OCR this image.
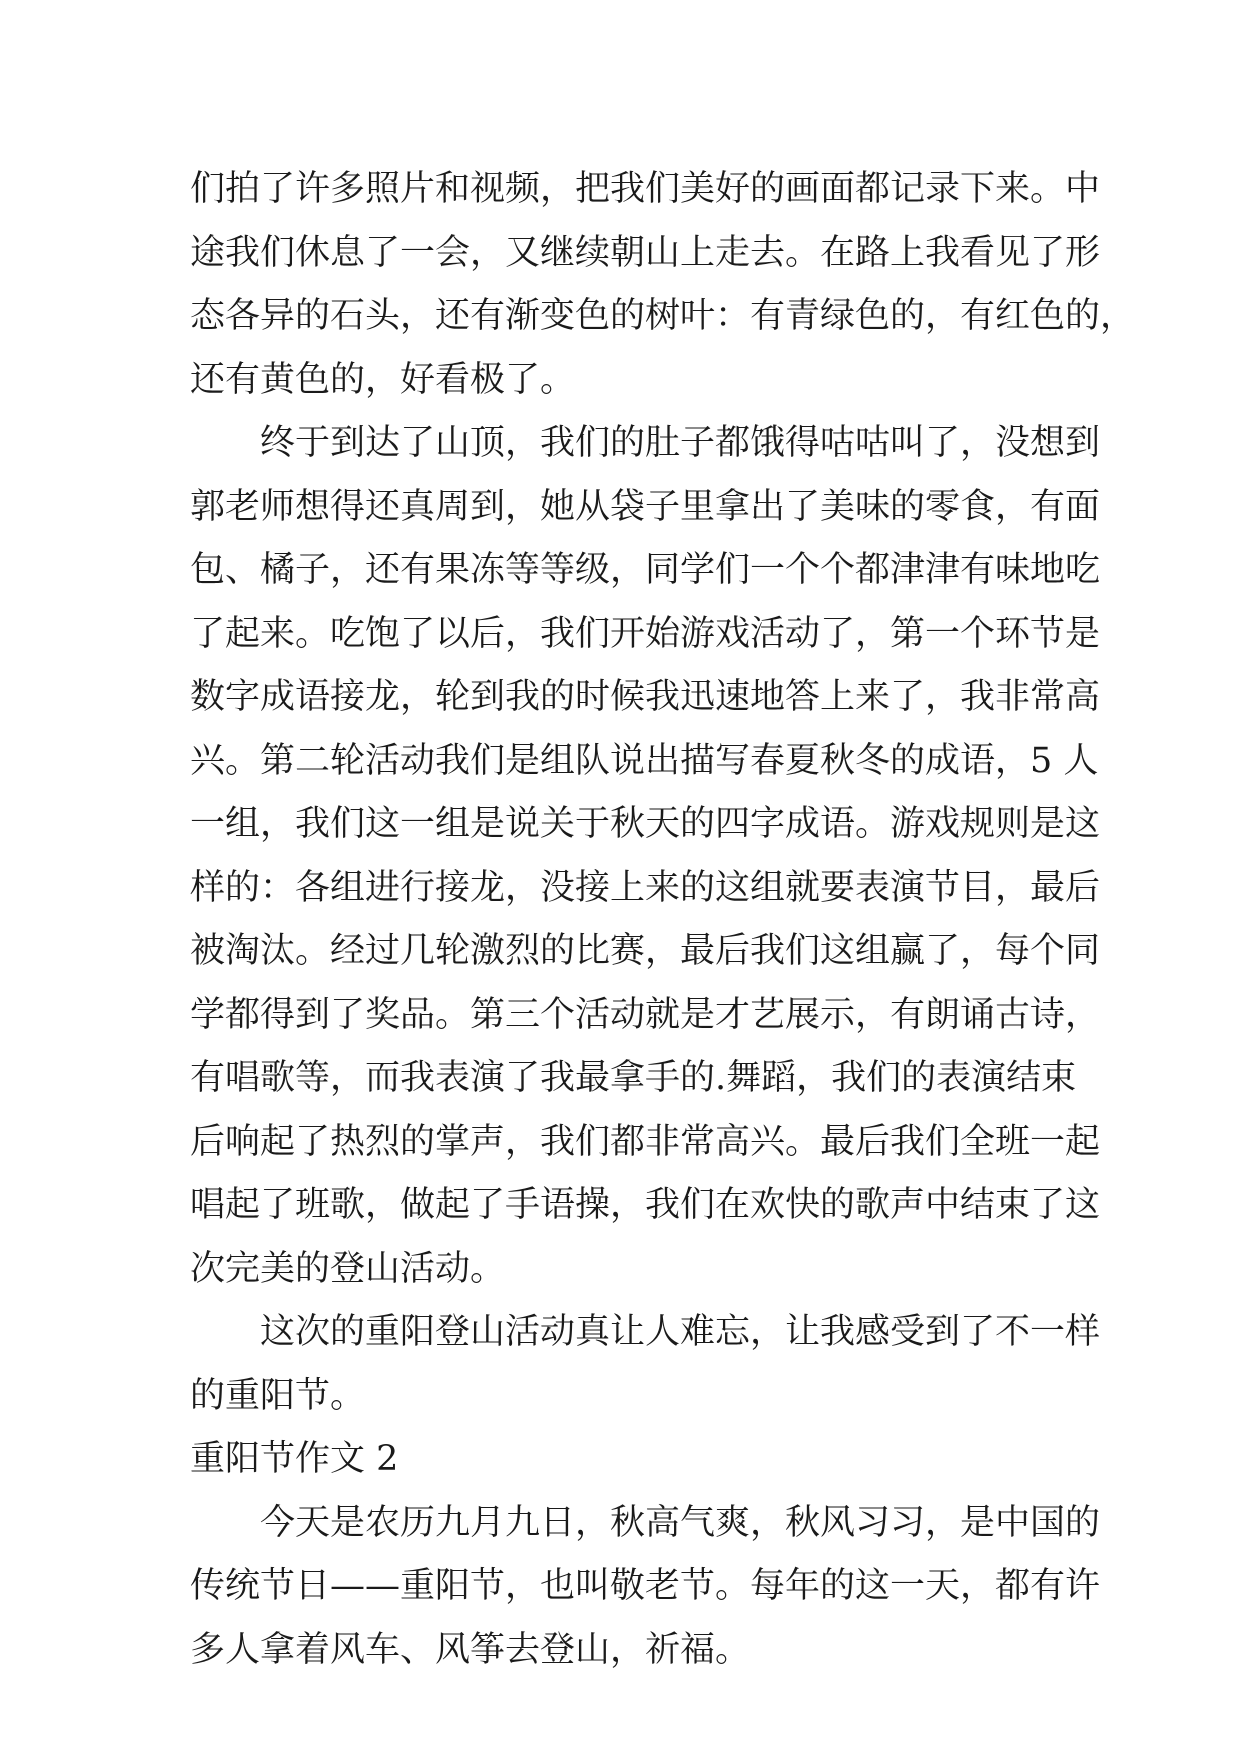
们拍了许多照片和视频，把我们美好的画面都记录下来。中
途我们休息了一会，又继续朝山上走去。在路上我看见了形
态各异的石头，还有渐变色的树叶：有青绿色的，有红色的，
还有黄色的，好看极了。
　　终于到达了山顶，我们的肚子都饿得咕咕叫了，没想到
郭老师想得还真周到，她从袋子里拿出了美味的零食，有面
包、橘子，还有果冻等等级，同学们一个个都津津有味地吃
了起来。吃饱了以后，我们开始游戏活动了，第一个环节是
数字成语接龙，轮到我的时候我迅速地答上来了，我非常高
兴。第二轮活动我们是组队说出描写春夏秋冬的成语，5 人
一组，我们这一组是说关于秋天的四字成语。游戏规则是这
样的：各组进行接龙，没接上来的这组就要表演节目，最后
被淘汰。经过几轮激烈的比赛，最后我们这组赢了，每个同
学都得到了奖品。第三个活动就是才艺展示，有朗诵古诗，
有唱歌等，而我表演了我最拿手的.舞蹈，我们的表演结束
后响起了热烈的掌声，我们都非常高兴。最后我们全班一起
唱起了班歌，做起了手语操，我们在欢快的歌声中结束了这
次完美的登山活动。
　　这次的重阳登山活动真让人难忘，让我感受到了不一样
的重阳节。
重阳节作文 2
　　今天是农历九月九日，秋高气爽，秋风习习，是中国的
传统节日——重阳节，也叫敬老节。每年的这一天，都有许
多人拿着风车、风筝去登山，祈福。
